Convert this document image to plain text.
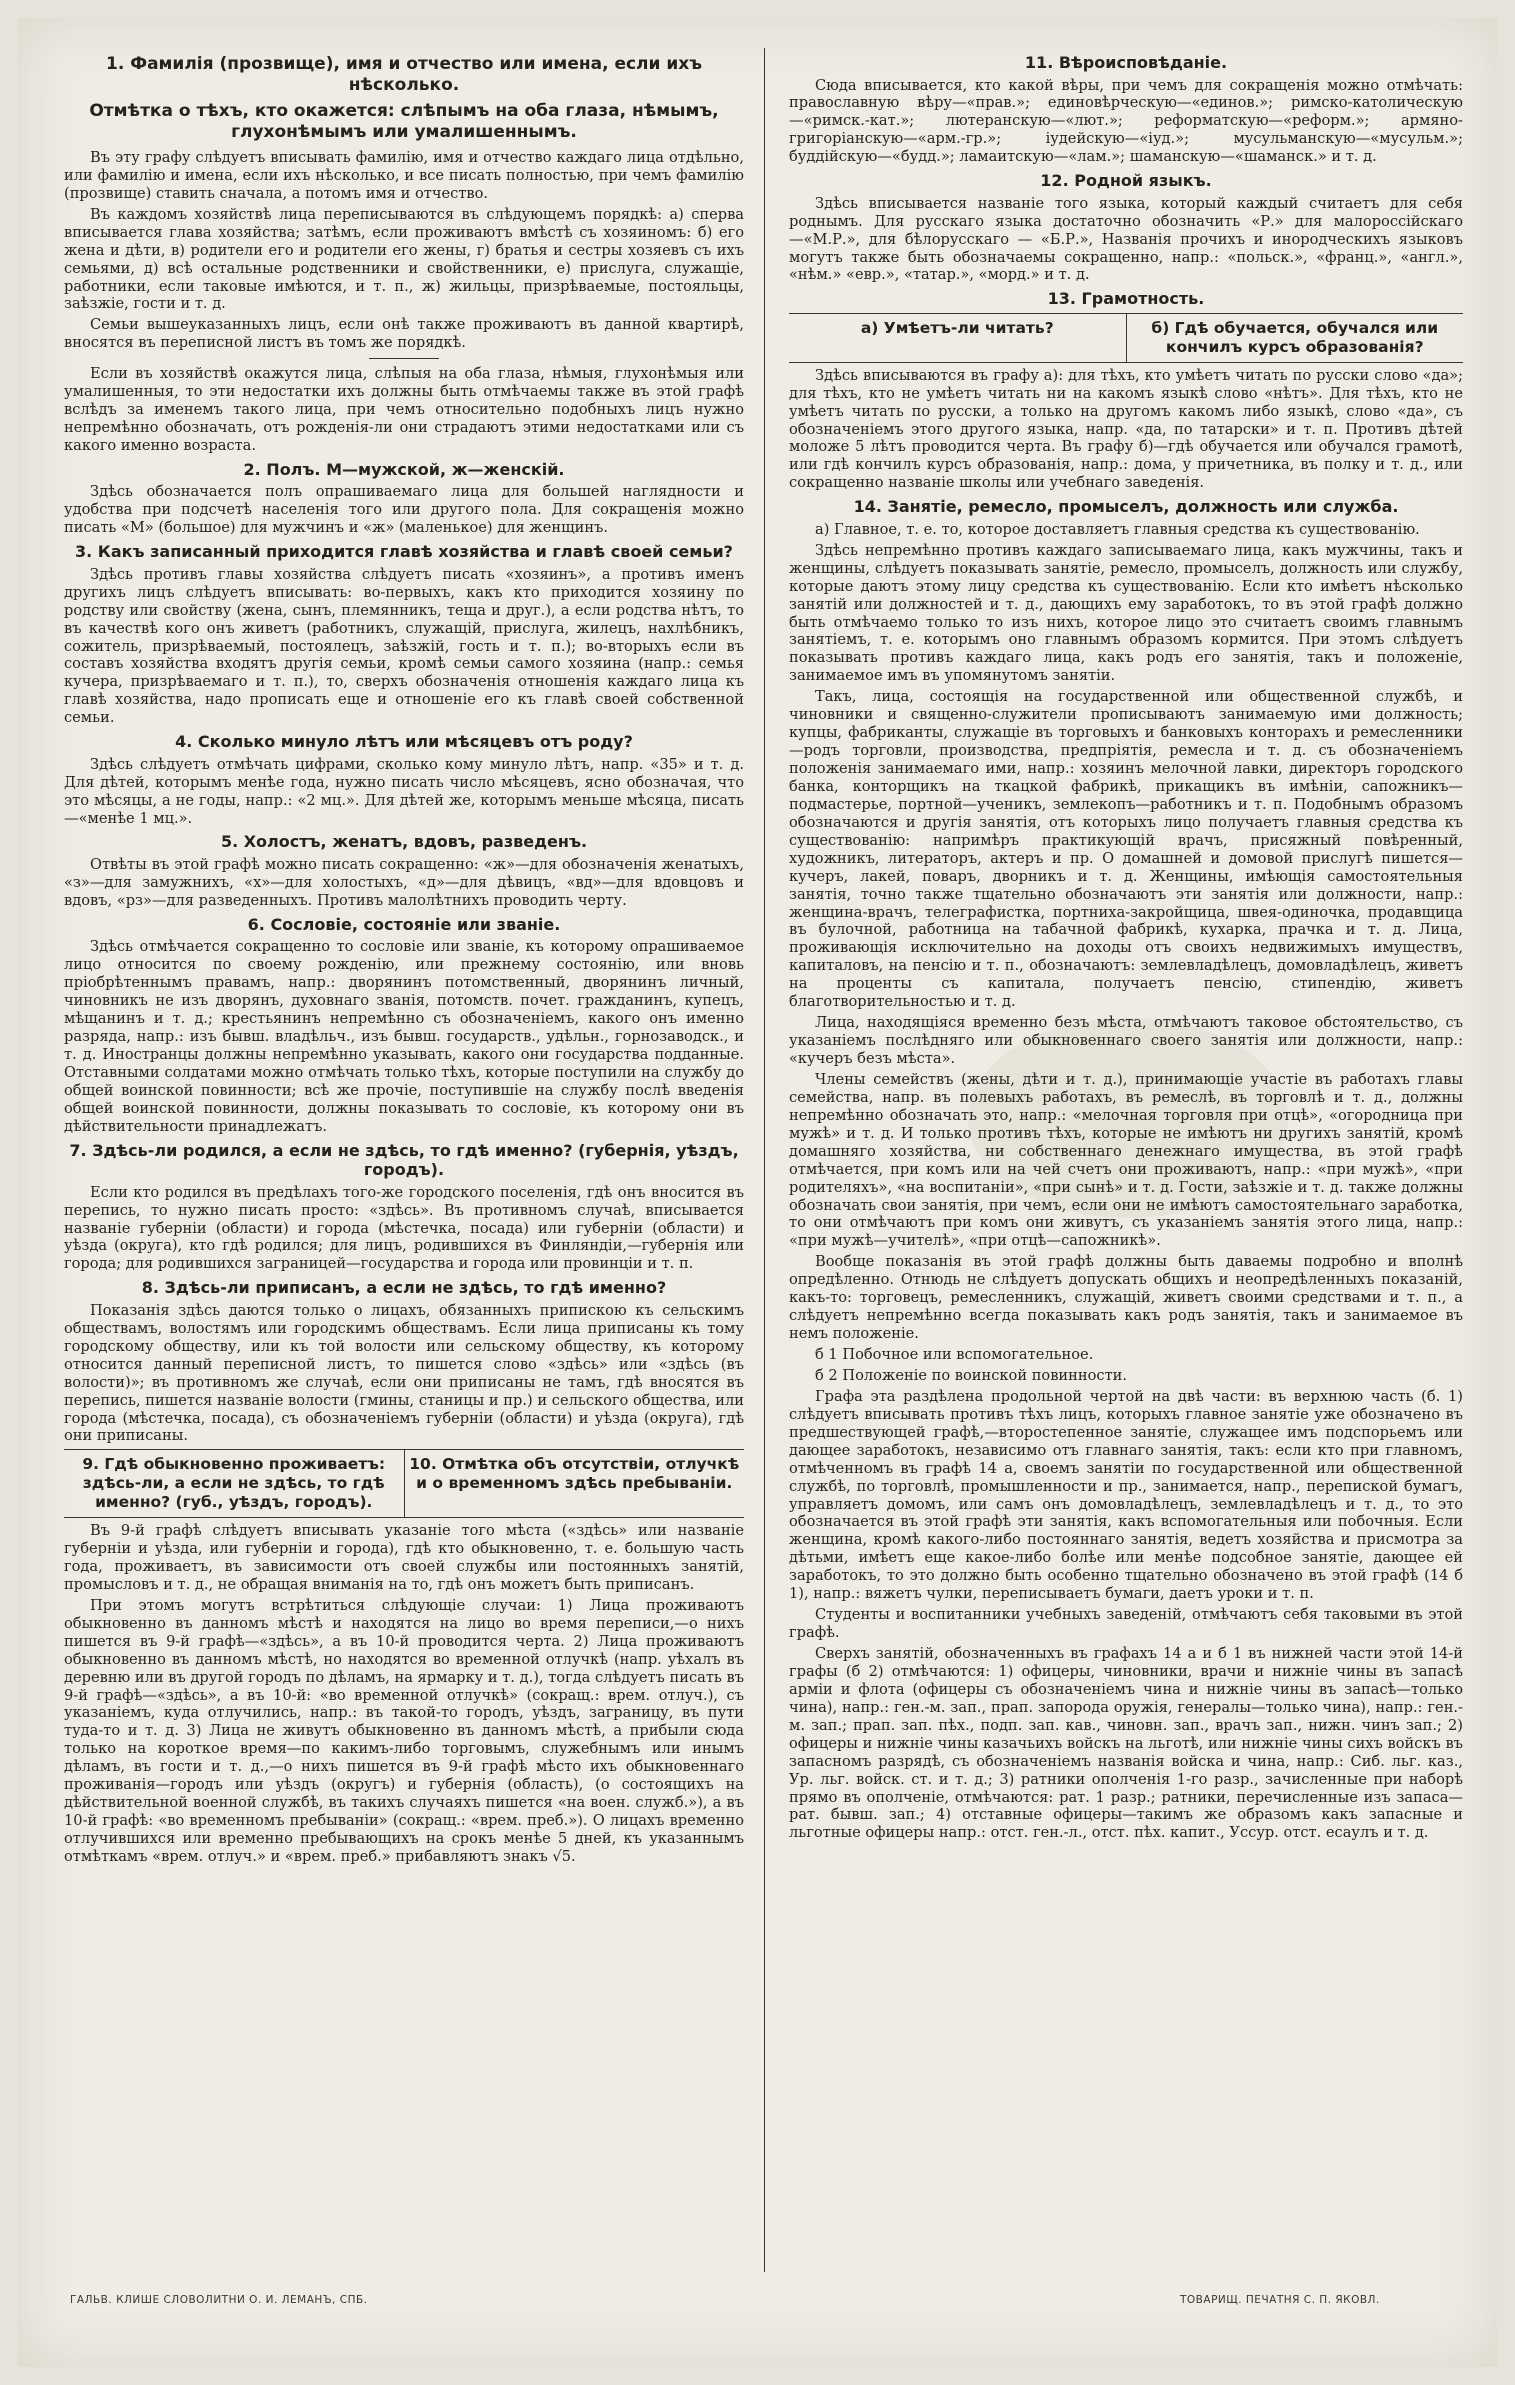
1. Фамилія (прозвище), имя и отчество или имена, если ихъ нѣсколько.
Отмѣтка о тѣхъ, кто окажется: слѣпымъ на оба глаза, нѣмымъ, глухонѣмымъ или умалишеннымъ.

Въ эту графу слѣдуетъ вписывать фамилію, имя и отчество каждаго лица отдѣльно, или фамилію и имена, если ихъ нѣсколько, и все писать полностью, при чемъ фамилію (прозвище) ставить сначала, а потомъ имя и отчество.

Въ каждомъ хозяйствѣ лица переписываются въ слѣдующемъ порядкѣ: а) сперва вписывается глава хозяйства; затѣмъ, если проживаютъ вмѣстѣ съ хозяиномъ: б) его жена и дѣти, в) родители его и родители его жены, г) братья и сестры хозяевъ съ ихъ семьями, д) всѣ остальные родственники и свойственники, е) прислуга, служащіе, работники, если таковые имѣются, и т. п., ж) жильцы, призрѣваемые, постояльцы, заѣзжіе, гости и т. д.

Семьи вышеуказанныхъ лицъ, если онѣ также проживаютъ въ данной квартирѣ, вносятся въ переписной листъ въ томъ же порядкѣ.

Если въ хозяйствѣ окажутся лица, слѣпыя на оба глаза, нѣмыя, глухонѣмыя или умалишенныя, то эти недостатки ихъ должны быть отмѣчаемы также въ этой графѣ вслѣдъ за именемъ такого лица, при чемъ относительно подобныхъ лицъ нужно непремѣнно обозначать, отъ рожденія-ли они страдаютъ этими недостатками или съ какого именно возраста.

2. Полъ. М—мужской, ж—женскій.

Здѣсь обозначается полъ опрашиваемаго лица для большей наглядности и удобства при подсчетѣ населенія того или другого пола. Для сокращенія можно писать «М» (большое) для мужчинъ и «ж» (маленькое) для женщинъ.

3. Какъ записанный приходится главѣ хозяйства и главѣ своей семьи?

Здѣсь противъ главы хозяйства слѣдуетъ писать «хозяинъ», а противъ именъ другихъ лицъ слѣдуетъ вписывать: во-первыхъ, какъ кто приходится хозяину по родству или свойству (жена, сынъ, племянникъ, теща и друг.), а если родства нѣтъ, то въ качествѣ кого онъ живетъ (работникъ, служащій, прислуга, жилецъ, нахлѣбникъ, сожитель, призрѣваемый, постоялецъ, заѣзжій, гость и т. п.); во-вторыхъ если въ составъ хозяйства входятъ другія семьи, кромѣ семьи самого хозяина (напр.: семья кучера, призрѣваемаго и т. п.), то, сверхъ обозначенія отношенія каждаго лица къ главѣ хозяйства, надо прописать еще и отношеніе его къ главѣ своей собственной семьи.

4. Сколько минуло лѣтъ или мѣсяцевъ отъ роду?

Здѣсь слѣдуетъ отмѣчать цифрами, сколько кому минуло лѣтъ, напр. «35» и т. д. Для дѣтей, которымъ менѣе года, нужно писать число мѣсяцевъ, ясно обозначая, что это мѣсяцы, а не годы, напр.: «2 мц.». Для дѣтей же, которымъ меньше мѣсяца, писать—«менѣе 1 мц.».

5. Холостъ, женатъ, вдовъ, разведенъ.

Отвѣты въ этой графѣ можно писать сокращенно: «ж»—для обозначенія женатыхъ, «з»—для замужнихъ, «х»—для холостыхъ, «д»—для дѣвицъ, «вд»—для вдовцовъ и вдовъ, «рз»—для разведенныхъ. Противъ малолѣтнихъ проводить черту.

6. Сословіе, состояніе или званіе.

Здѣсь отмѣчается сокращенно то сословіе или званіе, къ которому опрашиваемое лицо относится по своему рожденію, или прежнему состоянію, или вновь пріобрѣтеннымъ правамъ, напр.: дворянинъ потомственный, дворянинъ личный, чиновникъ не изъ дворянъ, духовнаго званія, потомств. почет. гражданинъ, купецъ, мѣщанинъ и т. д.; крестьянинъ непремѣнно съ обозначеніемъ, какого онъ именно разряда, напр.: изъ бывш. владѣльч., изъ бывш. государств., удѣльн., горнозаводск., и т. д. Иностранцы должны непремѣнно указывать, какого они государства подданные. Отставными солдатами можно отмѣчать только тѣхъ, которые поступили на службу до общей воинской повинности; всѣ же прочіе, поступившіе на службу послѣ введенія общей воинской повинности, должны показывать то сословіе, къ которому они въ дѣйствительности принадлежатъ.

7. Здѣсь-ли родился, а если не здѣсь, то гдѣ именно? (губернія, уѣздъ, городъ).

Если кто родился въ предѣлахъ того-же городского поселенія, гдѣ онъ вносится въ перепись, то нужно писать просто: «здѣсь». Въ противномъ случаѣ, вписывается названіе губерніи (области) и города (мѣстечка, посада) или губерніи (области) и уѣзда (округа), кто гдѣ родился; для лицъ, родившихся въ Финляндіи,—губернія или города; для родившихся заграницей—государства и города или провинціи и т. п.

8. Здѣсь-ли приписанъ, а если не здѣсь, то гдѣ именно?

Показанія здѣсь даются только о лицахъ, обязанныхъ припискою къ сельскимъ обществамъ, волостямъ или городскимъ обществамъ. Если лица приписаны къ тому городскому обществу, или къ той волости или сельскому обществу, къ которому относится данный переписной листъ, то пишется слово «здѣсь» или «здѣсь (въ волости)»; въ противномъ же случаѣ, если они приписаны не тамъ, гдѣ вносятся въ перепись, пишется названіе волости (гмины, станицы и пр.) и сельского общества, или города (мѣстечка, посада), съ обозначеніемъ губерніи (области) и уѣзда (округа), гдѣ они приписаны.

9. Гдѣ обыкновенно проживаетъ: здѣсь-ли, а если не здѣсь, то гдѣ именно? (губ., уѣздъ, городъ).
10. Отмѣтка объ отсутствіи, отлучкѣ и о временномъ здѣсь пребываніи.

Въ 9-й графѣ слѣдуетъ вписывать указаніе того мѣста («здѣсь» или названіе губерніи и уѣзда, или губерніи и города), гдѣ кто обыкновенно, т. е. большую часть года, проживаетъ, въ зависимости отъ своей службы или постоянныхъ занятій, промысловъ и т. д., не обращая вниманія на то, гдѣ онъ можетъ быть приписанъ.

При этомъ могутъ встрѣтиться слѣдующіе случаи: 1) Лица проживаютъ обыкновенно въ данномъ мѣстѣ и находятся на лицо во время переписи,—о нихъ пишется въ 9-й графѣ—«здѣсь», а въ 10-й проводится черта. 2) Лица проживаютъ обыкновенно въ данномъ мѣстѣ, но находятся во временной отлучкѣ (напр. уѣхалъ въ деревню или въ другой городъ по дѣламъ, на ярмарку и т. д.), тогда слѣдуетъ писать въ 9-й графѣ—«здѣсь», а въ 10-й: «во временной отлучкѣ» (сокращ.: врем. отлуч.), съ указаніемъ, куда отлучились, напр.: въ такой-то городъ, уѣздъ, заграницу, въ пути туда-то и т. д. 3) Лица не живутъ обыкновенно въ данномъ мѣстѣ, а прибыли сюда только на короткое время—по какимъ-либо торговымъ, служебнымъ или инымъ дѣламъ, въ гости и т. д.,—о нихъ пишется въ 9-й графѣ мѣсто ихъ обыкновеннаго проживанія—городъ или уѣздъ (округъ) и губернія (область), (о состоящихъ на дѣйствительной военной службѣ, въ такихъ случаяхъ пишется «на воен. служб.»), а въ 10-й графѣ: «во временномъ пребываніи» (сокращ.: «врем. преб.»). О лицахъ временно отлучившихся или временно пребывающихъ на срокъ менѣе 5 дней, къ указаннымъ отмѣткамъ «врем. отлуч.» и «врем. преб.» прибавляютъ знакъ √5.

11. Вѣроисповѣданіе.

Сюда вписывается, кто какой вѣры, при чемъ для сокращенія можно отмѣчать: православную вѣру—«прав.»; единовѣрческую—«единов.»; римско-католическую—«римск.-кат.»; лютеранскую—«лют.»; реформатскую—«реформ.»; армяно-григоріанскую—«арм.-гр.»; іудейскую—«іуд.»; мусульманскую—«мусульм.»; буддійскую—«будд.»; ламаитскую—«лам.»; шаманскую—«шаманск.» и т. д.

12. Родной языкъ.

Здѣсь вписывается названіе того языка, который каждый считаетъ для себя роднымъ. Для русскаго языка достаточно обозначить «Р.» для малороссійскаго—«М.Р.», для бѣлорусскаго — «Б.Р.», Названія прочихъ и инородческихъ языковъ могутъ также быть обозначаемы сокращенно, напр.: «польск.», «франц.», «англ.», «нѣм.» «евр.», «татар.», «морд.» и т. д.

13. Грамотность.
а) Умѣетъ-ли читать?	б) Гдѣ обучается, обучался или кончилъ курсъ образованія?

Здѣсь вписываются въ графу а): для тѣхъ, кто умѣетъ читать по русски слово «да»; для тѣхъ, кто не умѣетъ читать ни на какомъ языкѣ слово «нѣтъ». Для тѣхъ, кто не умѣетъ читать по русски, а только на другомъ какомъ либо языкѣ, слово «да», съ обозначеніемъ этого другого языка, напр. «да, по татарски» и т. п. Противъ дѣтей моложе 5 лѣтъ проводится черта. Въ графу б)—гдѣ обучается или обучался грамотѣ, или гдѣ кончилъ курсъ образованія, напр.: дома, у причетника, въ полку и т. д., или сокращенно названіе школы или учебнаго заведенія.

14. Занятіе, ремесло, промыселъ, должность или служба.

а) Главное, т. е. то, которое доставляетъ главныя средства къ существованію.

Здѣсь непремѣнно противъ каждаго записываемаго лица, какъ мужчины, такъ и женщины, слѣдуетъ показывать занятіе, ремесло, промыселъ, должность или службу, которые даютъ этому лицу средства къ существованію. Если кто имѣетъ нѣсколько занятій или должностей и т. д., дающихъ ему заработокъ, то въ этой графѣ должно быть отмѣчаемо только то изъ нихъ, которое лицо это считаетъ своимъ главнымъ занятіемъ, т. е. которымъ оно главнымъ образомъ кормится. При этомъ слѣдуетъ показывать противъ каждаго лица, какъ родъ его занятія, такъ и положеніе, занимаемое имъ въ упомянутомъ занятіи.

Такъ, лица, состоящія на государственной или общественной службѣ, и чиновники и священно-служители прописываютъ занимаемую ими должность; купцы, фабриканты, служащіе въ торговыхъ и банковыхъ конторахъ и ремесленники—родъ торговли, производства, предпріятія, ремесла и т. д. съ обозначеніемъ положенія занимаемаго ими, напр.: хозяинъ мелочной лавки, директоръ городского банка, конторщикъ на ткацкой фабрикѣ, прикащикъ въ имѣніи, сапожникъ—подмастерье, портной—ученикъ, землекопъ—работникъ и т. п. Подобнымъ образомъ обозначаются и другія занятія, отъ которыхъ лицо получаетъ главныя средства къ существованію: напримѣръ практикующій врачъ, присяжный повѣренный, художникъ, литераторъ, актеръ и пр. О домашней и домовой прислугѣ пишется—кучеръ, лакей, поваръ, дворникъ и т. д. Женщины, имѣющія самостоятельныя занятія, точно также тщательно обозначаютъ эти занятія или должности, напр.: женщина-врачъ, телеграфистка, портниха-закройщица, швея-одиночка, продавщица въ булочной, работница на табачной фабрикѣ, кухарка, прачка и т. д. Лица, проживающія исключительно на доходы отъ своихъ недвижимыхъ имуществъ, капиталовъ, на пенсію и т. п., обозначаютъ: землевладѣлецъ, домовладѣлецъ, живетъ на проценты съ капитала, получаетъ пенсію, стипендію, живетъ благотворительностью и т. д.

Лица, находящіяся временно безъ мѣста, отмѣчаютъ таковое обстоятельство, съ указаніемъ послѣдняго или обыкновеннаго своего занятія или должности, напр.: «кучеръ безъ мѣста».

Члены семействъ (жены, дѣти и т. д.), принимающіе участіе въ работахъ главы семейства, напр. въ полевыхъ работахъ, въ ремеслѣ, въ торговлѣ и т. д., должны непремѣнно обозначать это, напр.: «мелочная торговля при отцѣ», «огородница при мужѣ» и т. д. И только противъ тѣхъ, которые не имѣютъ ни другихъ занятій, кромѣ домашняго хозяйства, ни собственнаго денежнаго имущества, въ этой графѣ отмѣчается, при комъ или на чей счетъ они проживаютъ, напр.: «при мужѣ», «при родителяхъ», «на воспитаніи», «при сынѣ» и т. д. Гости, заѣзжіе и т. д. также должны обозначать свои занятія, при чемъ, если они не имѣютъ самостоятельнаго заработка, то они отмѣчаютъ при комъ они живутъ, съ указаніемъ занятія этого лица, напр.: «при мужѣ—учителѣ», «при отцѣ—сапожникѣ».

Вообще показанія въ этой графѣ должны быть даваемы подробно и вполнѣ опредѣленно. Отнюдь не слѣдуетъ допускать общихъ и неопредѣленныхъ показаній, какъ-то: торговецъ, ремесленникъ, служащій, живетъ своими средствами и т. п., а слѣдуетъ непремѣнно всегда показывать какъ родъ занятія, такъ и занимаемое въ немъ положеніе.

б 1 Побочное или вспомогательное.

б 2 Положеніе по воинской повинности.

Графа эта раздѣлена продольной чертой на двѣ части: въ верхнюю часть (б. 1) слѣдуетъ вписывать противъ тѣхъ лицъ, которыхъ главное занятіе уже обозначено въ предшествующей графѣ,—второстепенное занятіе, служащее имъ подспорьемъ или дающее заработокъ, независимо отъ главнаго занятія, такъ: если кто при главномъ, отмѣченномъ въ графѣ 14 а, своемъ занятіи по государственной или общественной службѣ, по торговлѣ, промышленности и пр., занимается, напр., перепиской бумагъ, управляетъ домомъ, или самъ онъ домовладѣлецъ, землевладѣлецъ и т. д., то это обозначается въ этой графѣ эти занятія, какъ вспомогательныя или побочныя. Если женщина, кромѣ какого-либо постояннаго занятія, ведетъ хозяйства и присмотра за дѣтьми, имѣетъ еще какое-либо болѣе или менѣе подсобное занятіе, дающее ей заработокъ, то это должно быть особенно тщательно обозначено въ этой графѣ (14 б 1), напр.: вяжетъ чулки, переписываетъ бумаги, даетъ уроки и т. п.

Студенты и воспитанники учебныхъ заведеній, отмѣчаютъ себя таковыми въ этой графѣ.

Сверхъ занятій, обозначенныхъ въ графахъ 14 а и б 1 въ нижней части этой 14-й графы (б 2) отмѣчаются: 1) офицеры, чиновники, врачи и нижніе чины въ запасѣ арміи и флота (офицеры съ обозначеніемъ чина и нижніе чины въ запасѣ—только чина), напр.: ген.-м. зап., прап. запорода оружія, генералы—только чина), напр.: ген.-м. зап.; прап. зап. пѣх., подп. зап. кав., чиновн. зап., врачъ зап., нижн. чинъ зап.; 2) офицеры и нижніе чины казачьихъ войскъ на льготѣ, или нижніе чины сихъ войскъ въ запасномъ разрядѣ, съ обозначеніемъ названія войска и чина, напр.: Сиб. льг. каз., Ур. льг. войск. ст. и т. д.; 3) ратники ополченія 1-го разр., зачисленные при наборѣ прямо въ ополченіе, отмѣчаются: рат. 1 разр.; ратники, перечисленные изъ запаса—рат. бывш. зап.; 4) отставные офицеры—такимъ же образомъ какъ запасные и льготные офицеры напр.: отст. ген.-л., отст. пѣх. капит., Уссур. отст. есаулъ и т. д.

ГАЛЬВ. КЛИШЕ СЛОВОЛИТНИ О. И. ЛЕМАНЪ, СПБ.	ТОВАРИЩ. ПЕЧАТНЯ С. П. ЯКОВЛ.
